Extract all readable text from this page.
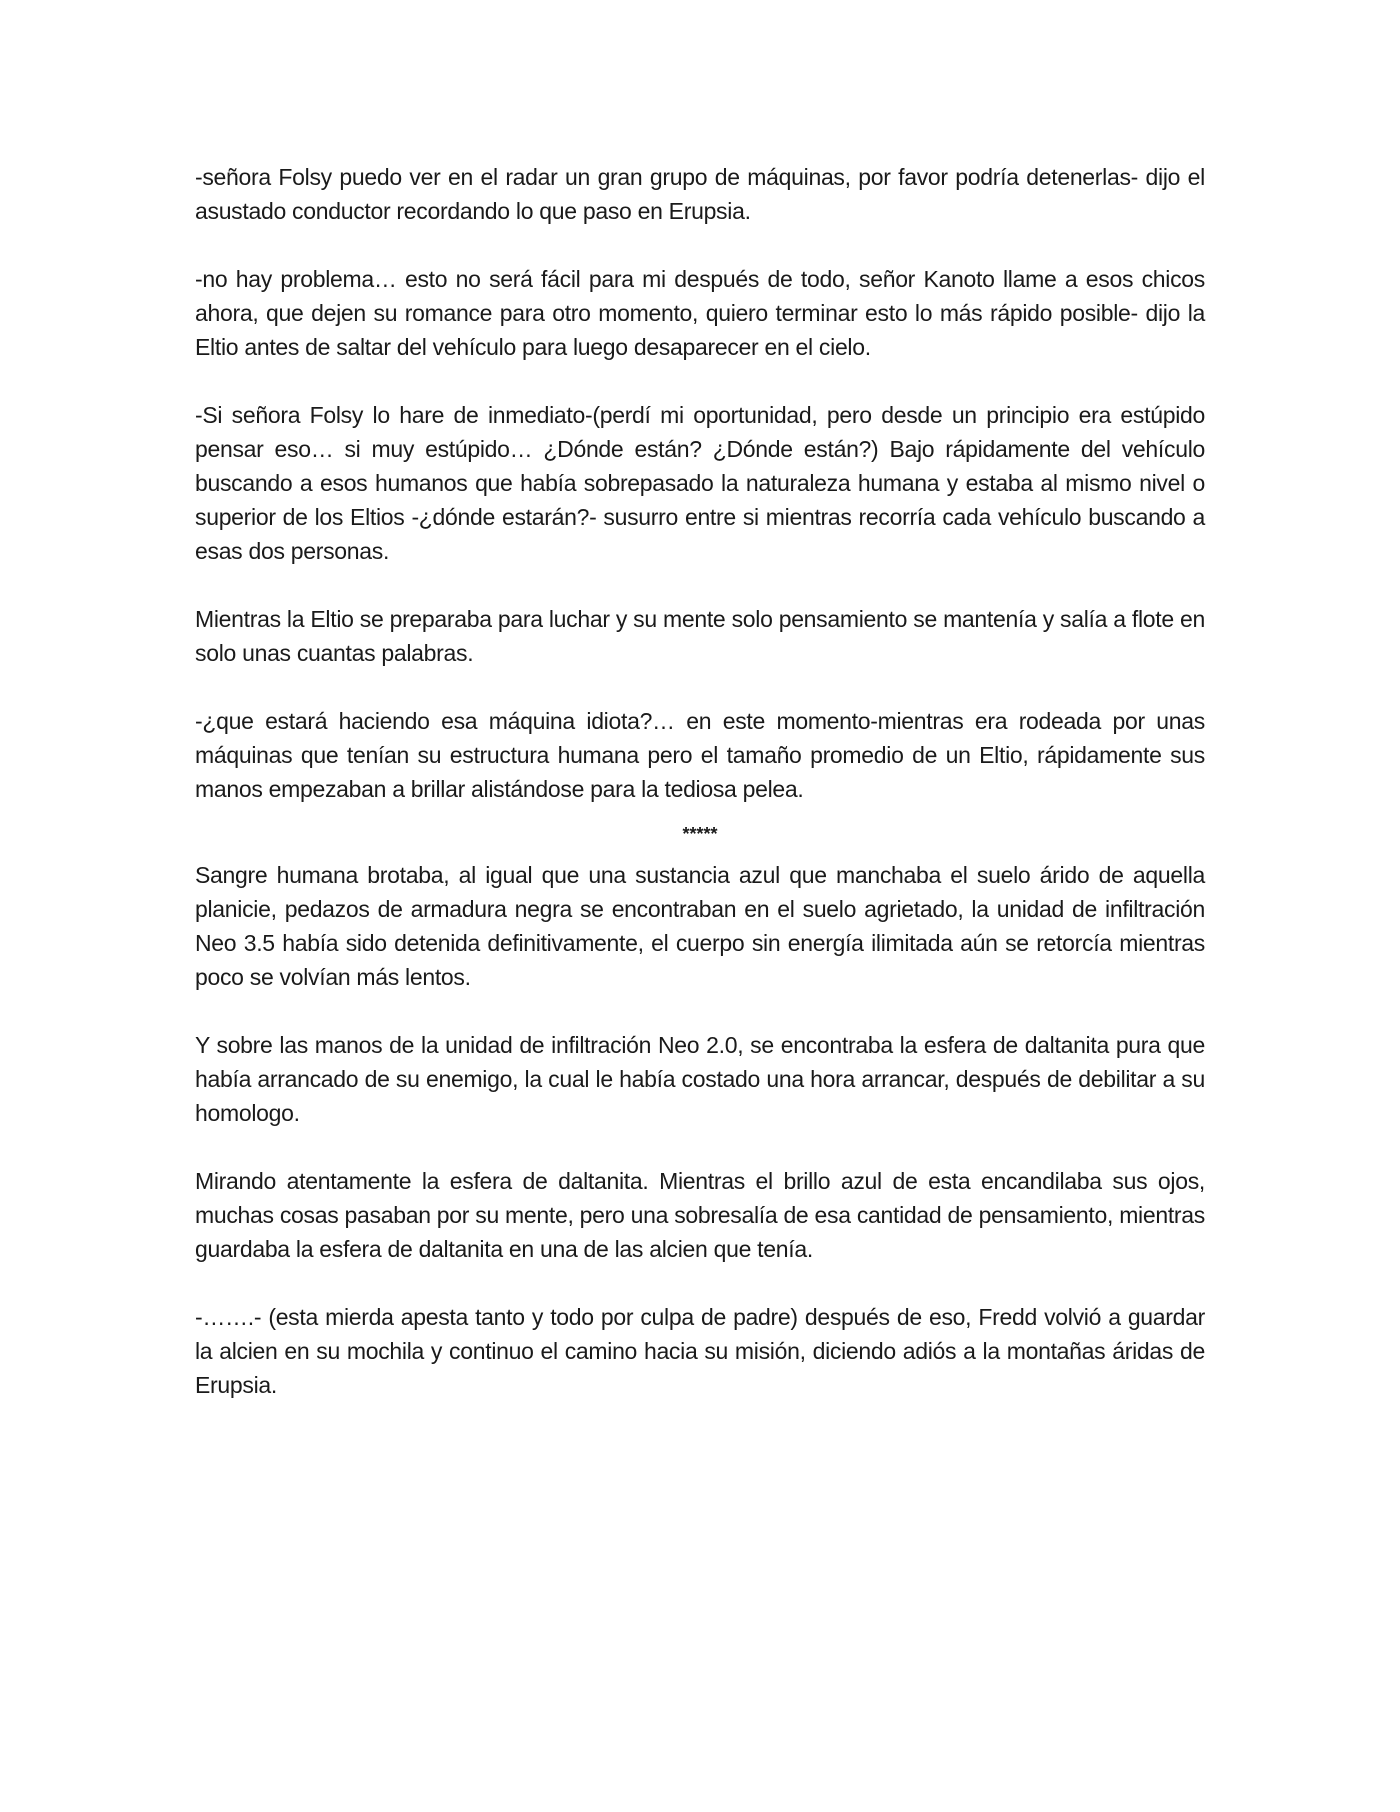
-señora Folsy puedo ver en el radar un gran grupo de máquinas, por favor podría detenerlas- dijo el asustado conductor recordando lo que paso en Erupsia.

-no hay problema… esto no será fácil para mi después de todo, señor Kanoto llame a esos chicos ahora, que dejen su romance para otro momento, quiero terminar esto lo más rápido posible- dijo la Eltio antes de saltar del vehículo para luego desaparecer en el cielo.

-Si señora Folsy lo hare de inmediato-(perdí mi oportunidad, pero desde un principio era estúpido pensar eso… si muy estúpido… ¿Dónde están? ¿Dónde están?) Bajo rápidamente del vehículo buscando a esos humanos que había sobrepasado la naturaleza humana y estaba al mismo nivel o superior de los Eltios -¿dónde estarán?- susurro entre si mientras recorría cada vehículo buscando a esas dos personas.

Mientras la Eltio se preparaba para luchar y su mente solo pensamiento se mantenía y salía a flote en solo unas cuantas palabras.

-¿que estará haciendo esa máquina idiota?… en este momento-mientras era rodeada por unas máquinas que tenían su estructura humana pero el tamaño promedio de un Eltio, rápidamente sus manos empezaban a brillar alistándose para la tediosa pelea.

*****

Sangre humana brotaba, al igual que una sustancia azul que manchaba el suelo árido de aquella planicie, pedazos de armadura negra se encontraban en el suelo agrietado, la unidad de infiltración Neo 3.5 había sido detenida definitivamente, el cuerpo sin energía ilimitada aún se retorcía mientras poco se volvían más lentos.

Y sobre las manos de la unidad de infiltración Neo 2.0, se encontraba la esfera de daltanita pura que había arrancado de su enemigo, la cual le había costado una hora arrancar, después de debilitar a su homologo.

Mirando atentamente la esfera de daltanita. Mientras el brillo azul de esta encandilaba sus ojos, muchas cosas pasaban por su mente, pero una sobresalía de esa cantidad de pensamiento, mientras guardaba la esfera de daltanita en una de las alcien que tenía.

-…….- (esta mierda apesta tanto y todo por culpa de padre) después de eso, Fredd volvió a guardar la alcien en su mochila y continuo el camino hacia su misión, diciendo adiós a la montañas áridas de Erupsia.
